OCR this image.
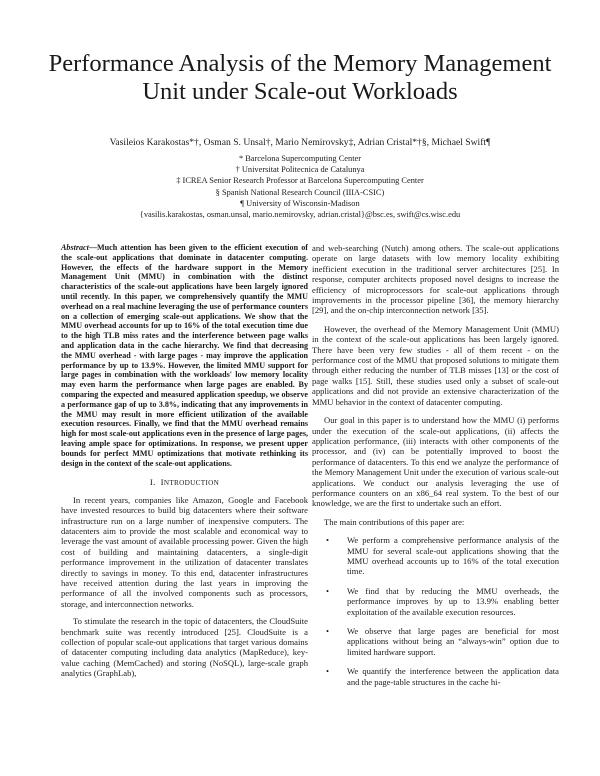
Performance Analysis of the Memory Management
Unit under Scale-out Workloads
Vasileios Karakostas*†, Osman S. Unsal†, Mario Nemirovsky‡, Adrian Cristal*†§, Michael Swift¶
* Barcelona Supercomputing Center
† Universitat Politecnica de Catalunya
‡ ICREA Senior Research Professor at Barcelona Supercomputing Center
§ Spanish National Research Council (IIIA-CSIC)
¶ University of Wisconsin-Madison
{vasilis.karakostas, osman.unsal, mario.nemirovsky, adrian.cristal}@bsc.es, swift@cs.wisc.edu
Abstract—Much attention has been given to the efficient execution of the scale-out applications that dominate in datacenter computing. However, the effects of the hardware support in the Memory Management Unit (MMU) in combination with the distinct characteristics of the scale-out applications have been largely ignored until recently. In this paper, we comprehensively quantify the MMU overhead on a real machine leveraging the use of performance counters on a collection of emerging scale-out applications. We show that the MMU overhead accounts for up to 16% of the total execution time due to the high TLB miss rates and the interference between page walks and application data in the cache hierarchy. We find that decreasing the MMU overhead - with large pages - may improve the application performance by up to 13.9%. However, the limited MMU support for large pages in combination with the workloads' low memory locality may even harm the performance when large pages are enabled. By comparing the expected and measured application speedup, we observe a performance gap of up to 3.8%, indicating that any improvements in the MMU may result in more efficient utilization of the available execution resources. Finally, we find that the MMU overhead remains high for most scale-out applications even in the presence of large pages, leaving ample space for optimizations. In response, we present upper bounds for perfect MMU optimizations that motivate rethinking its design in the context of the scale-out applications.
I. INTRODUCTION

In recent years, companies like Amazon, Google and Facebook have invested resources to build big datacenters where their software infrastructure run on a large number of inexpensive computers. The datacenters aim to provide the most scalable and economical way to leverage the vast amount of available processing power. Given the high cost of building and maintaining datacenters, a single-digit performance improvement in the utilization of datacenter translates directly to savings in money. To this end, datacenter infrastructures have received attention during the last years in improving the performance of all the involved components such as processors, storage, and interconnection networks.

To stimulate the research in the topic of datacenters, the CloudSuite benchmark suite was recently introduced [25]. CloudSuite is a collection of popular scale-out applications that target various domains of datacenter computing including data analytics (MapReduce), key-value caching (MemCached) and storing (NoSQL), large-scale graph analytics (GraphLab),

and web-searching (Nutch) among others. The scale-out applications operate on large datasets with low memory locality exhibiting inefficient execution in the traditional server architectures [25]. In response, computer architects proposed novel designs to increase the efficiency of microprocessors for scale-out applications through improvements in the processor pipeline [36], the memory hierarchy [29], and the on-chip interconnection network [35].

However, the overhead of the Memory Management Unit (MMU) in the context of the scale-out applications has been largely ignored. There have been very few studies - all of them recent - on the performance cost of the MMU that proposed solutions to mitigate them through either reducing the number of TLB misses [13] or the cost of page walks [15]. Still, these studies used only a subset of scale-out applications and did not provide an extensive characterization of the MMU behavior in the context of datacenter computing.

Our goal in this paper is to understand how the MMU (i) performs under the execution of the scale-out applications, (ii) affects the application performance, (iii) interacts with other components of the processor, and (iv) can be potentially improved to boost the performance of datacenters. To this end we analyze the performance of the Memory Management Unit under the execution of various scale-out applications. We conduct our analysis leveraging the use of performance counters on an x86_64 real system. To the best of our knowledge, we are the first to undertake such an effort.

The main contributions of this paper are:

• We perform a comprehensive performance analysis of the MMU for several scale-out applications showing that the MMU overhead accounts up to 16% of the total execution time.
• We find that by reducing the MMU overheads, the performance improves by up to 13.9% enabling better exploitation of the available execution resources.
• We observe that large pages are beneficial for most applications without being an “always-win” option due to limited hardware support.
• We quantify the interference between the application data and the page-table structures in the cache hi-
